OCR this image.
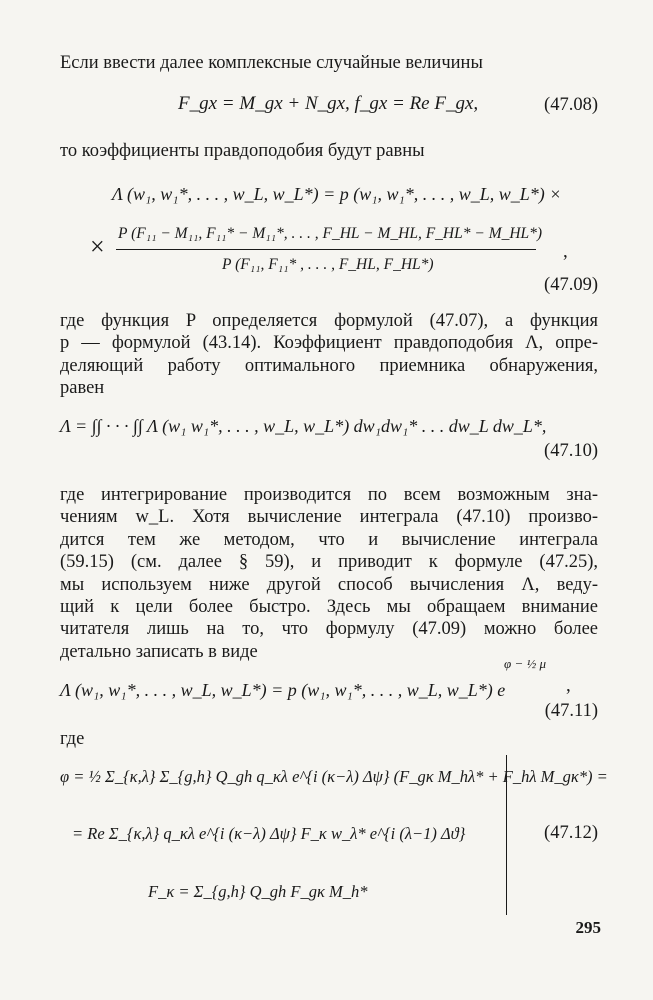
Если ввести далее комплексные случайные величины
F_gx = M_gx + N_gx, f_gx = Re F_gx,	(47.08)
то коэффициенты правдоподобия будут равны
Λ (w₁, w₁*, . . . , w_L, w_L*) = p (w₁, w₁*, . . . , w_L, w_L*) ×
× P (F₁₁ − M₁₁, F₁₁* − M₁₁*, . . . , F_HL − M_HL, F_HL* − M_HL*)
P (F₁₁, F₁₁* , . . . , F_HL, F_HL*)
,
(47.09)
где функция P определяется формулой (47.07), а функция
p — формулой (43.14). Коэффициент правдоподобия Λ, опре-
деляющий работу оптимального приемника обнаружения,
равен
Λ = ∫∫ · · · ∫∫ Λ (w₁ w₁*, . . . , w_L, w_L*) dw₁dw₁* . . . dw_L dw_L*,
(47.10)
где интегрирование производится по всем возможным зна-
чениям w_L. Хотя вычисление интеграла (47.10) произво-
дится тем же методом, что и вычисление интеграла
(59.15) (см. далее § 59), и приводит к формуле (47.25),
мы используем ниже другой способ вычисления Λ, веду-
щий к цели более быстро. Здесь мы обращаем внимание
читателя лишь на то, что формулу (47.09) можно более
детально записать в виде
Λ (w₁, w₁*, . . . , w_L, w_L*) = p (w₁, w₁*, . . . , w_L, w_L*) e
φ − ½ μ
,
(47.11)
где
φ = ½ Σ_{κ,λ} Σ_{g,h} Q_gh q_κλ e^{i (κ−λ) Δψ} (F_gκ M_hλ* + F_hλ M_gκ*) =
= Re Σ_{κ,λ} q_κλ e^{i (κ−λ) Δψ} F_κ w_λ* e^{i (λ−1) Δϑ}
F_κ = Σ_{g,h} Q_gh F_gκ M_h*
(47.12)
295
